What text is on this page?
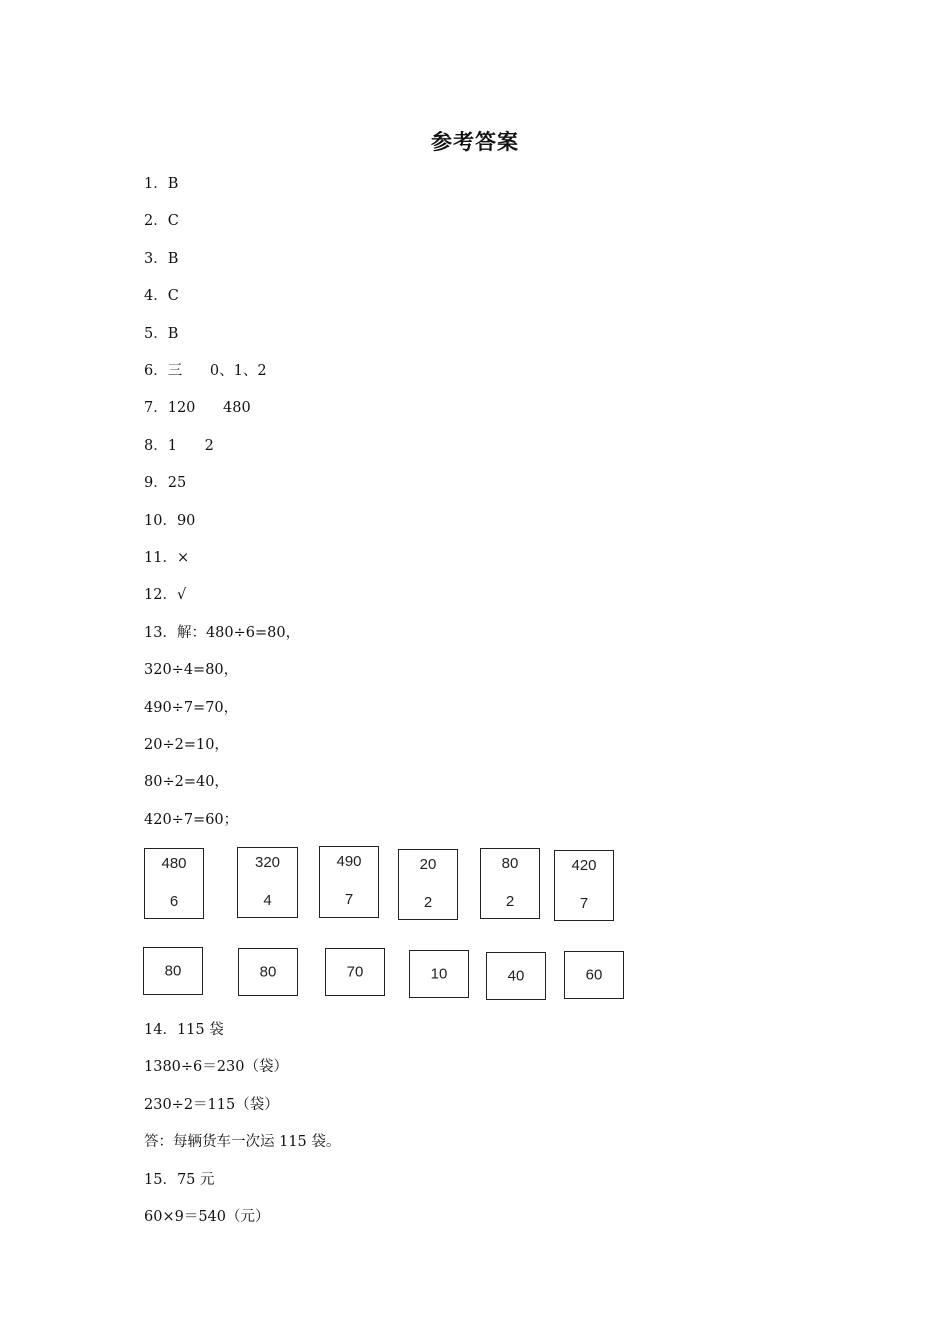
参考答案
1．B
2．C
3．B
4．C
5．B
6．三      0、1、2
7．120      480
8．1      2
9．25
10．90
11．×
12．√
13．解：480÷6=80，
320÷4=80，
490÷7=70，
20÷2=10，
80÷2=40，
420÷7=60；
480
6
320
4
490
7
20
2
80
2
420
7
80	80	70	10	40	60
14．115 袋
1380÷6＝230（袋）
230÷2＝115（袋）
答：每辆货车一次运 115 袋。
15．75 元
60×9＝540（元）
